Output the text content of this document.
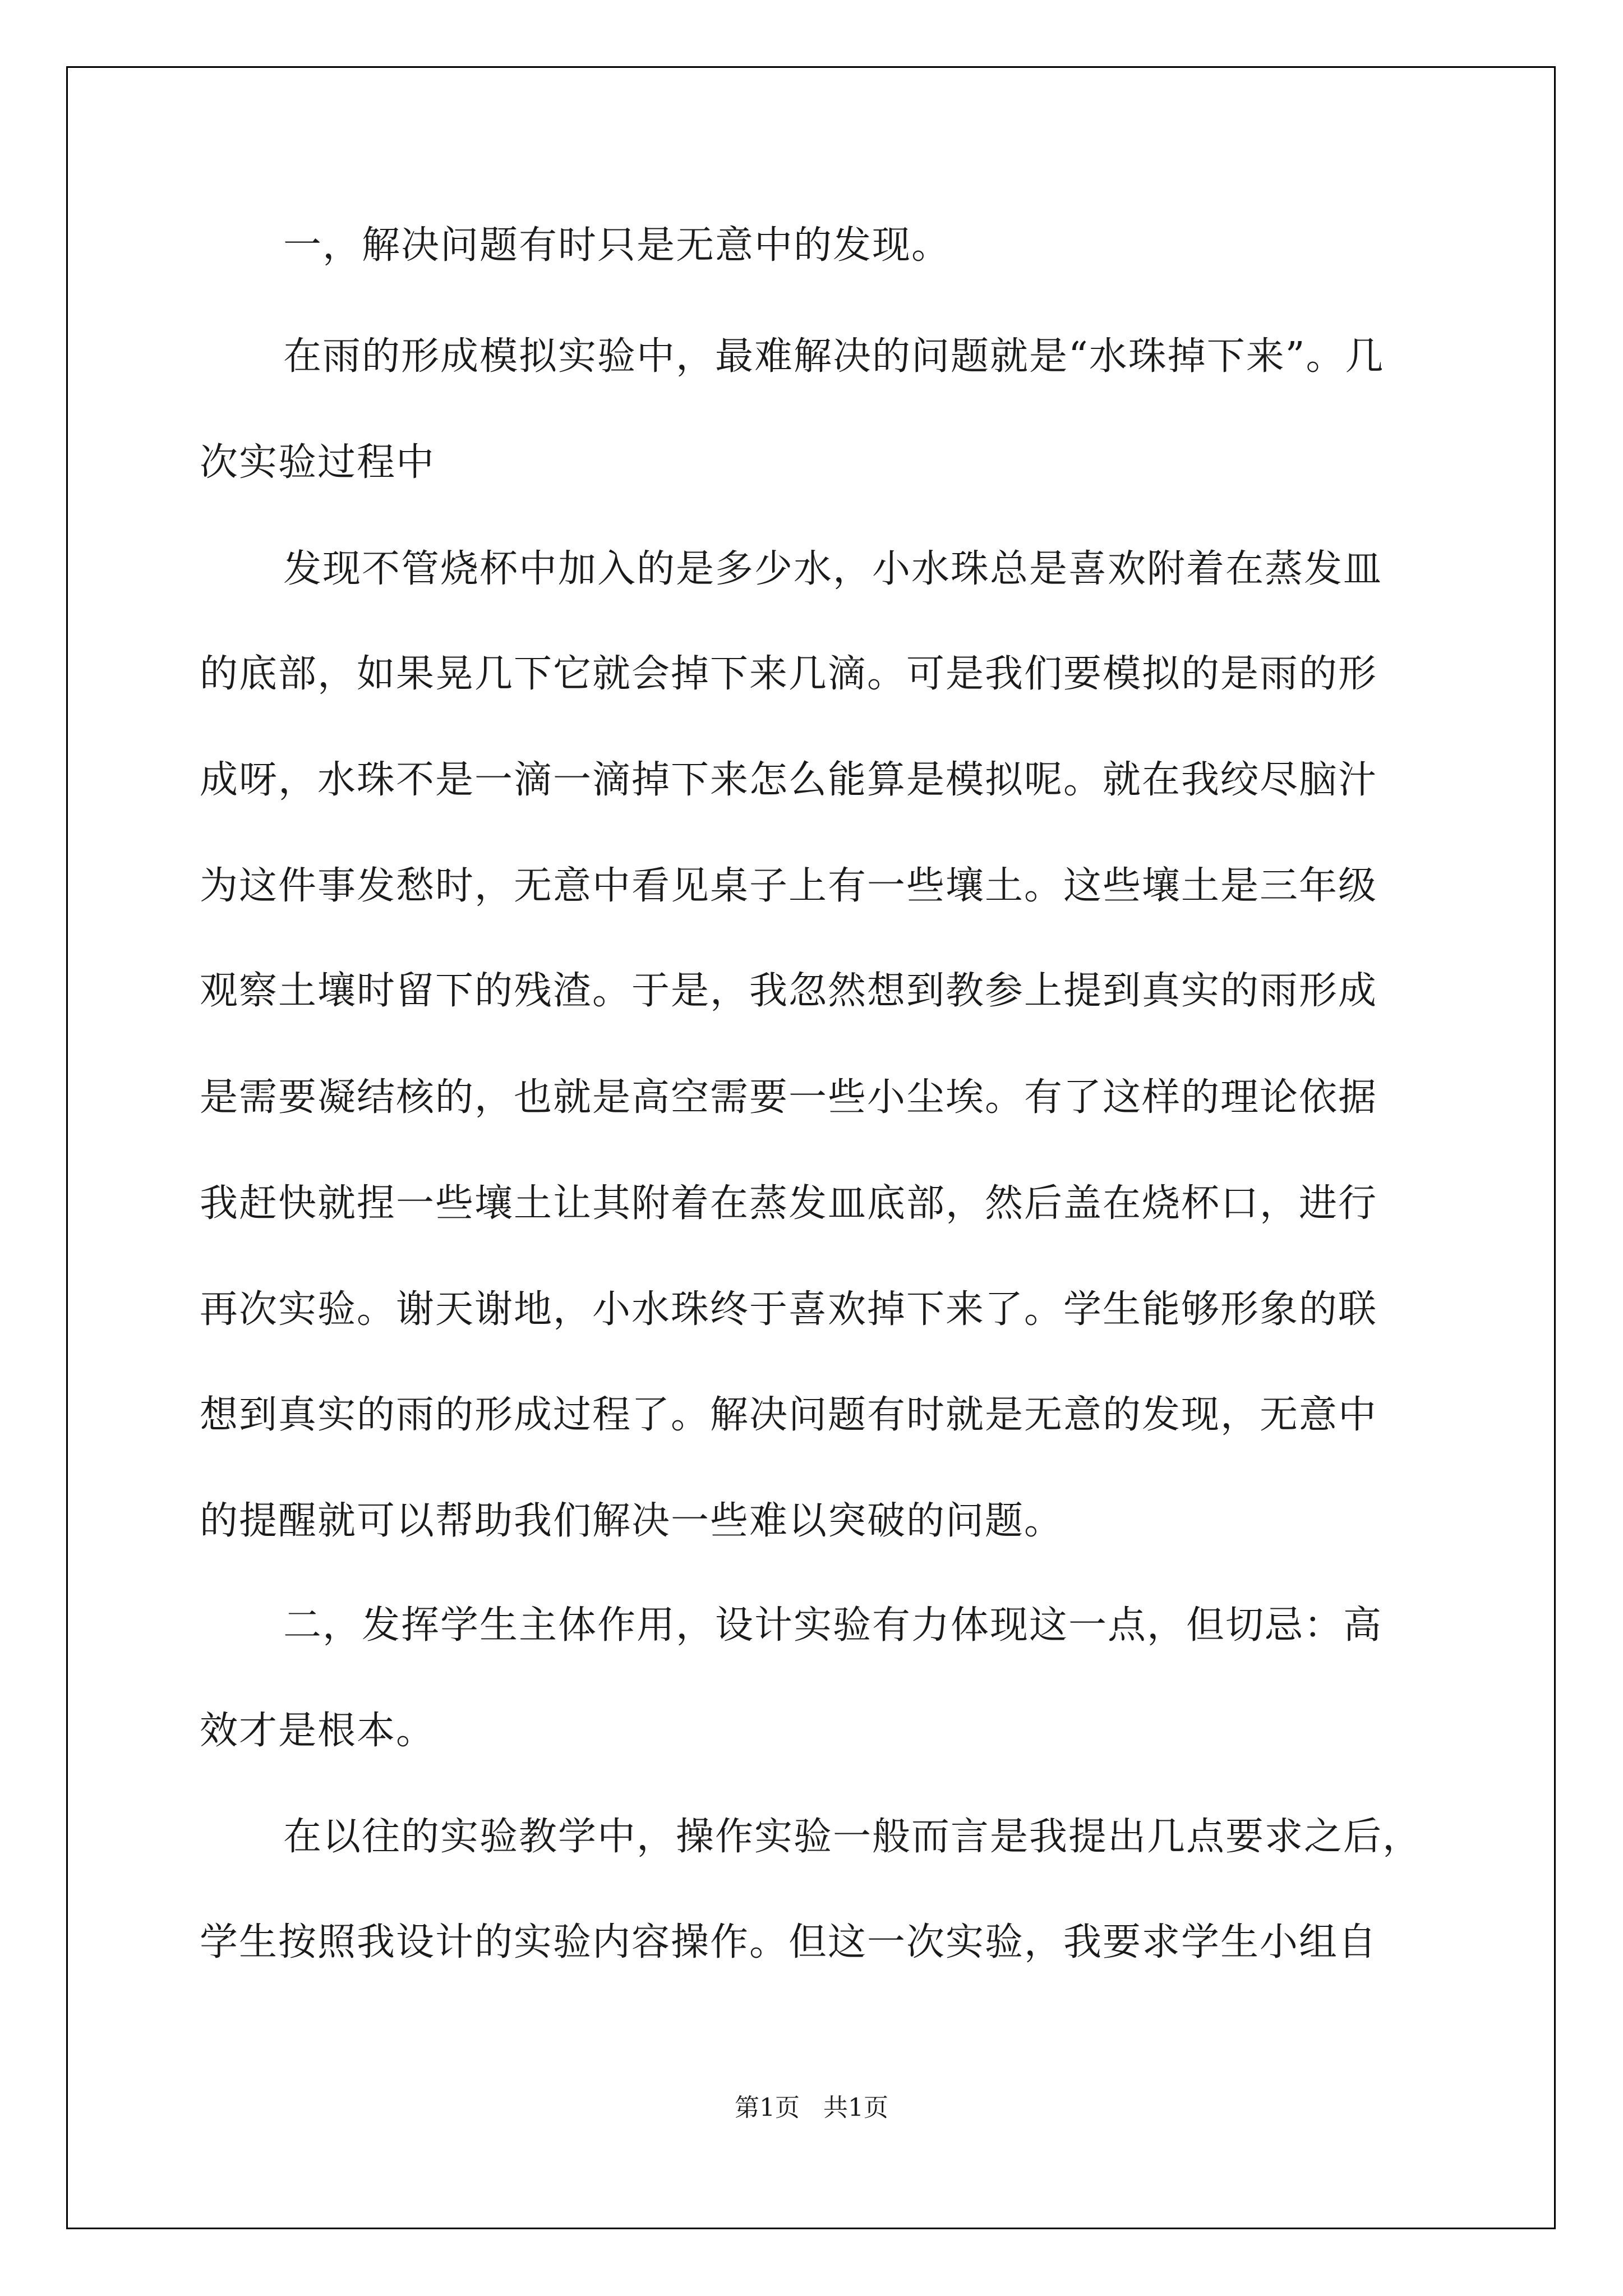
一，解决问题有时只是无意中的发现。
在雨的形成模拟实验中，最难解决的问题就是“水珠掉下来”。几
次实验过程中
发现不管烧杯中加入的是多少水，小水珠总是喜欢附着在蒸发皿
的底部，如果晃几下它就会掉下来几滴。可是我们要模拟的是雨的形
成呀，水珠不是一滴一滴掉下来怎么能算是模拟呢。就在我绞尽脑汁
为这件事发愁时，无意中看见桌子上有一些壤土。这些壤土是三年级
观察土壤时留下的残渣。于是，我忽然想到教参上提到真实的雨形成
是需要凝结核的，也就是高空需要一些小尘埃。有了这样的理论依据
我赶快就捏一些壤土让其附着在蒸发皿底部，然后盖在烧杯口，进行
再次实验。谢天谢地，小水珠终于喜欢掉下来了。学生能够形象的联
想到真实的雨的形成过程了。解决问题有时就是无意的发现，无意中
的提醒就可以帮助我们解决一些难以突破的问题。
二，发挥学生主体作用，设计实验有力体现这一点，但切忌：高
效才是根本。
在以往的实验教学中，操作实验一般而言是我提出几点要求之后，
学生按照我设计的实验内容操作。但这一次实验，我要求学生小组自
第1页   共1页
